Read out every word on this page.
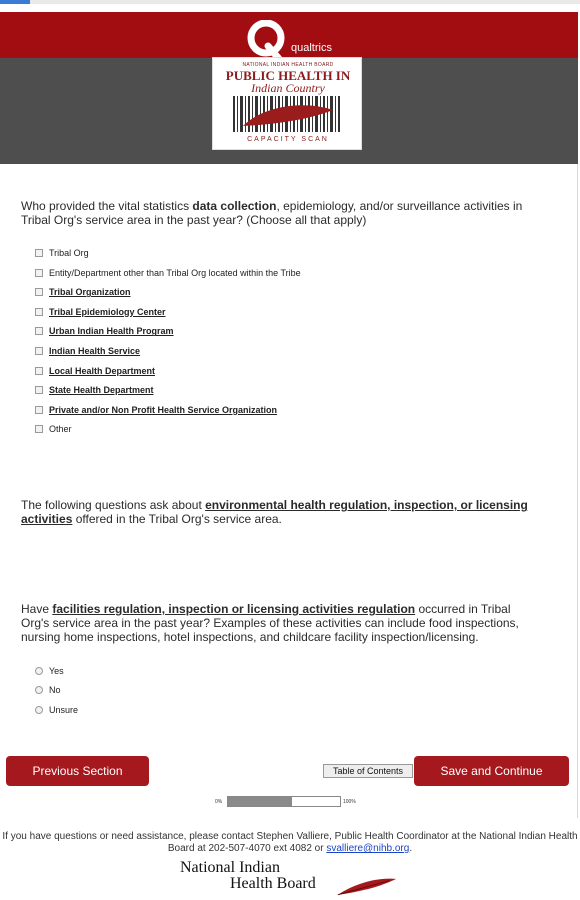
qualtrics
NATIONAL INDIAN HEALTH BOARD
PUBLIC HEALTH IN
Indian Country
CAPACITY SCAN
Who provided the vital statistics data collection, epidemiology, and/or surveillance activities in Tribal Org's service area in the past year? (Choose all that apply)
Tribal Org
Entity/Department other than Tribal Org located within the Tribe
Tribal Organization
Tribal Epidemiology Center
Urban Indian Health Program
Indian Health Service
Local Health Department
State Health Department
Private and/or Non Profit Health Service Organization
Other
The following questions ask about environmental health regulation, inspection, or licensing activities offered in the Tribal Org's service area.
Have facilities regulation, inspection or licensing activities regulation occurred in Tribal Org's service area in the past year? Examples of these activities can include food inspections, nursing home inspections, hotel inspections, and childcare facility inspection/licensing.
Yes
No
Unsure
Previous Section	Table of Contents	Save and Continue
0%	100%
If you have questions or need assistance, please contact Stephen Valliere, Public Health Coordinator at the National Indian Health Board at 202-507-4070 ext 4082 or svalliere@nihb.org.
National Indian
Health Board
